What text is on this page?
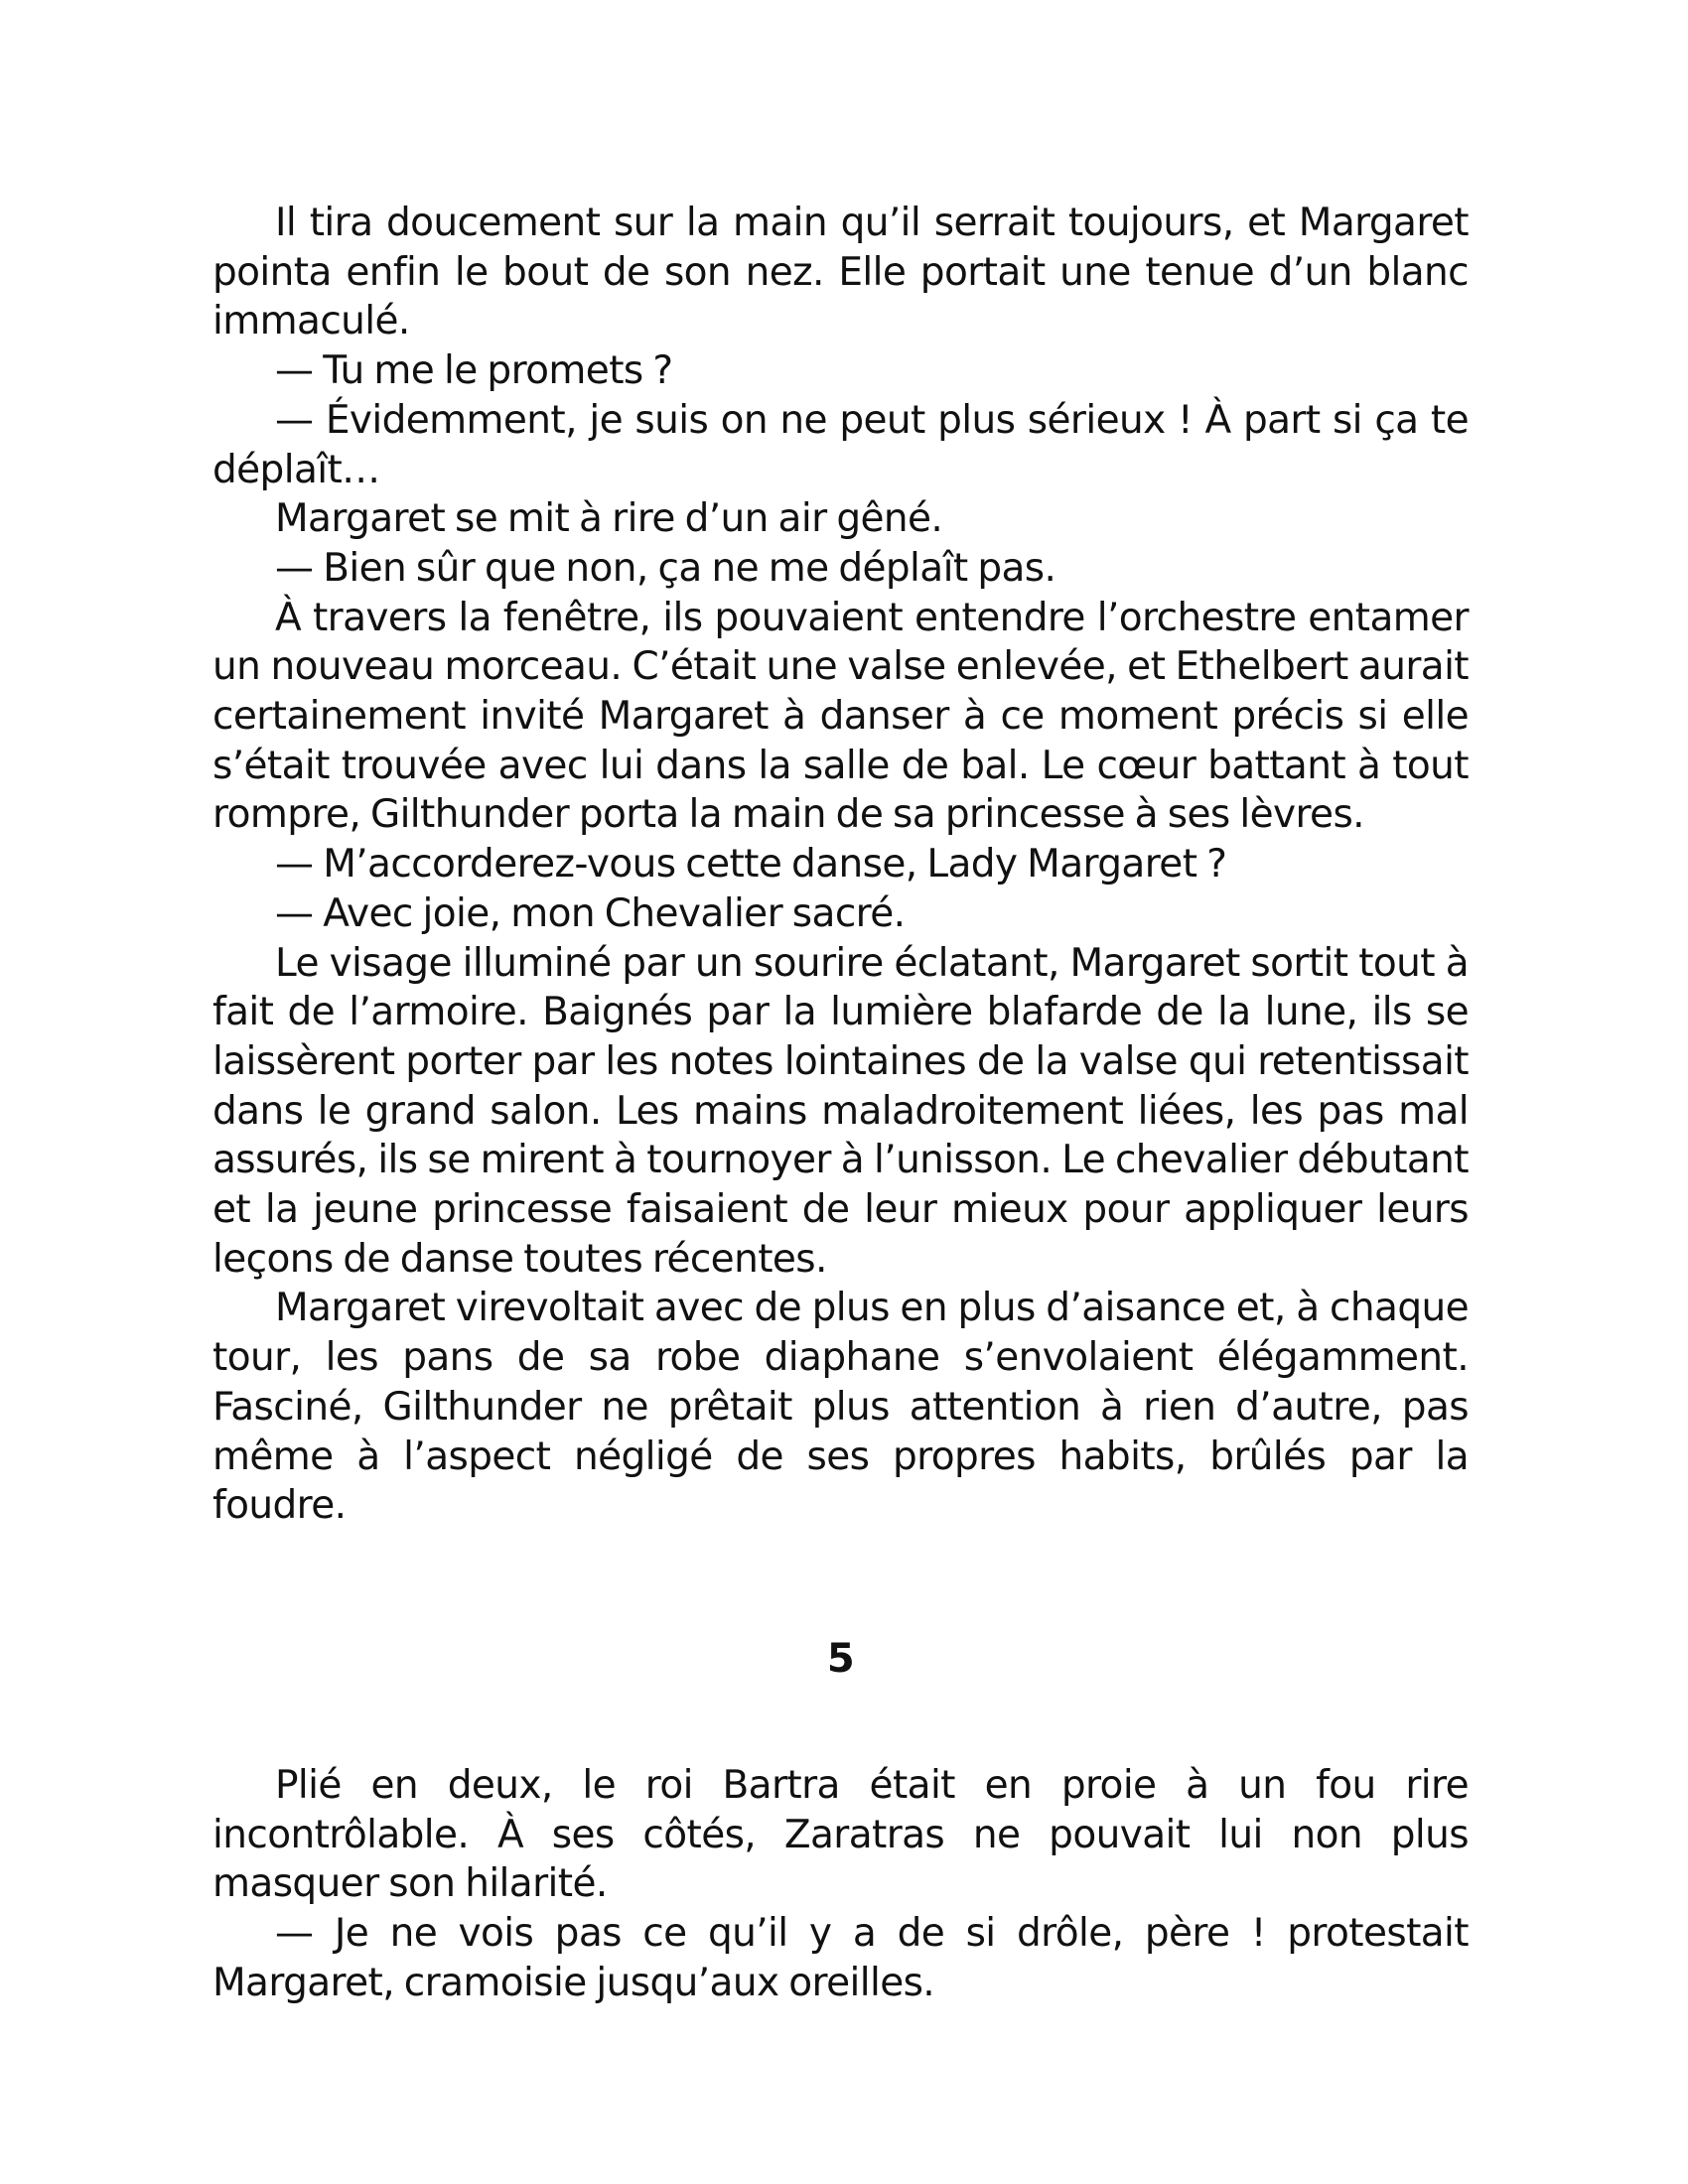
Il tira doucement sur la main qu’il serrait toujours, et Margaret pointa enfin le bout de son nez. Elle portait une tenue d’un blanc immaculé.

— Tu me le promets ?

— Évidemment, je suis on ne peut plus sérieux ! À part si ça te déplaît…

Margaret se mit à rire d’un air gêné.

— Bien sûr que non, ça ne me déplaît pas.

À travers la fenêtre, ils pouvaient entendre l’orchestre entamer un nouveau morceau. C’était une valse enlevée, et Ethelbert aurait certainement invité Margaret à danser à ce moment précis si elle s’était trouvée avec lui dans la salle de bal. Le cœur battant à tout rompre, Gilthunder porta la main de sa princesse à ses lèvres.

— M’accorderez-vous cette danse, Lady Margaret ?

— Avec joie, mon Chevalier sacré.

Le visage illuminé par un sourire éclatant, Margaret sortit tout à fait de l’armoire. Baignés par la lumière blafarde de la lune, ils se laissèrent porter par les notes lointaines de la valse qui retentissait dans le grand salon. Les mains maladroitement liées, les pas mal assurés, ils se mirent à tournoyer à l’unisson. Le chevalier débutant et la jeune princesse faisaient de leur mieux pour appliquer leurs leçons de danse toutes récentes.

Margaret virevoltait avec de plus en plus d’aisance et, à chaque tour, les pans de sa robe diaphane s’envolaient élégamment. Fasciné, Gilthunder ne prêtait plus attention à rien d’autre, pas même à l’aspect négligé de ses propres habits, brûlés par la foudre.

5

Plié en deux, le roi Bartra était en proie à un fou rire incontrôlable. À ses côtés, Zaratras ne pouvait lui non plus masquer son hilarité.

— Je ne vois pas ce qu’il y a de si drôle, père ! protestait Margaret, cramoisie jusqu’aux oreilles.
